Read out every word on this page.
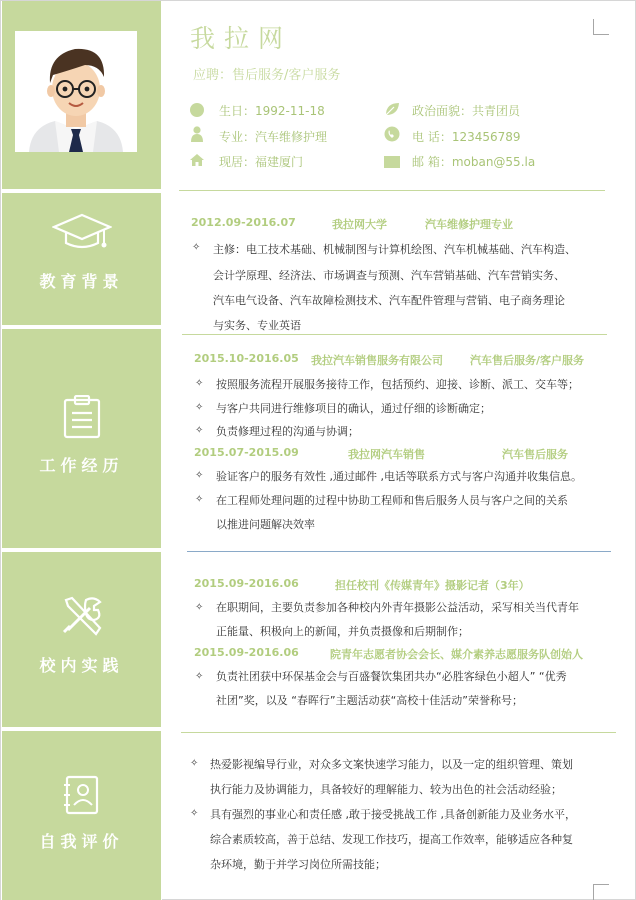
教育背景
工作经历
校内实践
自我评价
我拉网
应聘：售后服务/客户服务
生日：1992-11-18	政治面貌：共青团员
专业：汽车维修护理	电 话：123456789
现居：福建厦门	邮 箱：moban@55.la
2012.09-2016.07	我拉网大学	汽车维修护理专业
✧ 主修：电工技术基础、机械制图与计算机绘图、汽车机械基础、汽车构造、
会计学原理、经济法、市场调查与预测、汽车营销基础、汽车营销实务、
汽车电气设备、汽车故障检测技术、汽车配件管理与营销、电子商务理论
与实务、专业英语
2015.10-2016.05 我拉汽车销售服务有限公司 汽车售后服务/客户服务
✧ 按照服务流程开展服务接待工作，包括预约、迎接、诊断、派工、交车等；
✧ 与客户共同进行维修项目的确认，通过仔细的诊断确定；
✧ 负责修理过程的沟通与协调；
2015.07-2015.09	我拉网汽车销售	汽车售后服务
✧ 验证客户的服务有效性 ,通过邮件 ,电话等联系方式与客户沟通并收集信息。
✧ 在工程师处理问题的过程中协助工程师和售后服务人员与客户之间的关系
以推进问题解决效率
2015.09-2016.06	担任校刊《传媒青年》摄影记者（3年）
✧ 在职期间，主要负责参加各种校内外青年摄影公益活动，采写相关当代青年
正能量、积极向上的新闻，并负责摄像和后期制作；
2015.09-2016.06	院青年志愿者协会会长、媒介素养志愿服务队创始人
✧ 负责社团获中环保基金会与百盛餐饮集团共办“必胜客绿色小超人” “优秀
社团”奖，以及 “春晖行”主题活动获“高校十佳活动”荣誉称号；
✧ 热爱影视编导行业，对众多文案快速学习能力，以及一定的组织管理、策划
执行能力及协调能力，具备较好的理解能力、较为出色的社会活动经验；
✧ 具有强烈的事业心和责任感 ,敢于接受挑战工作 ,具备创新能力及业务水平，
综合素质较高，善于总结、发现工作技巧，提高工作效率，能够适应各种复
杂环境，勤于并学习岗位所需技能；
